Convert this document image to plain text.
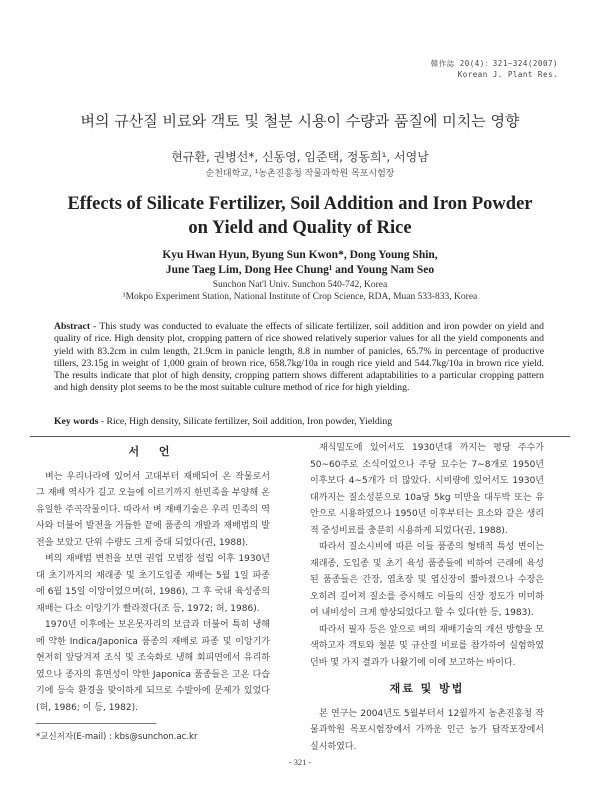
韓作誌 20(4)：321∼324(2007)
Korean J. Plant Res.
벼의 규산질 비료와 객토 및 철분 시용이 수량과 품질에 미치는 영향
현규환, 권병선*, 신동영, 임준택, 정동희¹, 서영남
순천대학교, ¹농촌진흥청 작물과학원 목포시험장
Effects of Silicate Fertilizer, Soil Addition and Iron Powder
on Yield and Quality of Rice
Kyu Hwan Hyun, Byung Sun Kwon*, Dong Young Shin,
June Taeg Lim, Dong Hee Chung¹ and Young Nam Seo
Sunchon Nat'l Univ. Sunchon 540-742, Korea
¹Mokpo Experiment Station, National Institute of Crop Science, RDA, Muan 533-833, Korea
Abstract - This study was conducted to evaluate the effects of silicate fertilizer, soil addition and iron powder on yield and quality of rice. High density plot, cropping pattern of rice showed relatively superior values for all the yield components and yield with 83.2cm in culm length, 21.9cm in panicle length, 8.8 in number of panicles, 65.7% in percentage of productive tillers, 23.15g in weight of 1,000 grain of brown rice, 658.7kg/10a in rough rice yield and 544.7kg/10a in brown rice yield. The results indicate that plot of high density, cropping pattern shows different adaptabilities to a particular cropping pattern and high density plot seems to be the most suitable culture method of rice for high yielding.
Key words - Rice, High density, Silicate fertilizer, Soil addition, Iron powder, Yielding
서 언

벼는 우리나라에 있어서 고대부터 재배되어 온 작물로서 그 재배 역사가 길고 오늘에 이르기까지 한민족을 부양해 온 유일한 주곡작물이다. 따라서 벼 재배기술은 우리 민족의 역사와 더불어 발전을 거듭한 끝에 품종의 개발과 재배법의 발전을 보았고 단위 수량도 크게 증대 되었다(권, 1988).

벼의 재배법 변천을 보면 권업 모범장 설립 이후 1930년대 초기까지의 재래종 및 초기도입종 재배는 5월 1일 파종에 6월 15일 이앙이었으며(허, 1986), 그 후 국내 육성종의 재배는 다소 이앙기가 빨라졌다(조 등, 1972; 허, 1986).

1970년 이후에는 보온못자리의 보급과 더불어 특히 냉해에 약한 Indica/Japonica 품종의 재배로 파종 및 이앙기가 현저히 앞당겨져 조식 및 조숙화로 냉해 회피면에서 유리하였으나 종자의 휴면성이 약한 Japonica 품종들은 고온 다습기에 등숙 환경을 맞이하게 되므로 수발아에 문제가 있었다(허, 1986; 이 등, 1982).

재식밀도에 있어서도 1930년대 까지는 평당 주수가 50∼60주로 소식이었으나 주당 묘수는 7∼8개로 1950년 이후보다 4∼5개가 더 많았다. 시비량에 있어서도 1930년대까지는 질소성분으로 10a당 5kg 미만을 대두박 또는 유안으로 시용하였으나 1950년 이후부터는 요소와 같은 생리적 중성비료를 충분히 시용하게 되었다(권, 1988).

따라서 질소시비에 따른 이들 품종의 형태적 특성 변이는 재래종, 도입종 및 초기 육성 품종들에 비하여 근래에 육성된 품종들은 간장, 엽초장 및 엽신장이 짧아졌으나 수장은 오히려 길어져 질소를 증시해도 이들의 신장 정도가 미미하여 내비성이 크게 향상되었다고 할 수 있다(한 등, 1983).

따라서 필자 등은 앞으로 벼의 재배기술의 개선 방향을 모색하고자 객토와 철분 및 규산질 비료를 참가하여 실험하였던바 몇 가지 결과가 나왔기에 이에 보고하는 바이다.

재료 및 방법

본 연구는 2004년도 5월부터서 12월까지 농촌진흥청 작물과학원 목포시험장에서 가까운 인근 농가 답작포장에서 실시하였다.

*교신저자(E-mail) : kbs@sunchon.ac.kr
- 321 -
